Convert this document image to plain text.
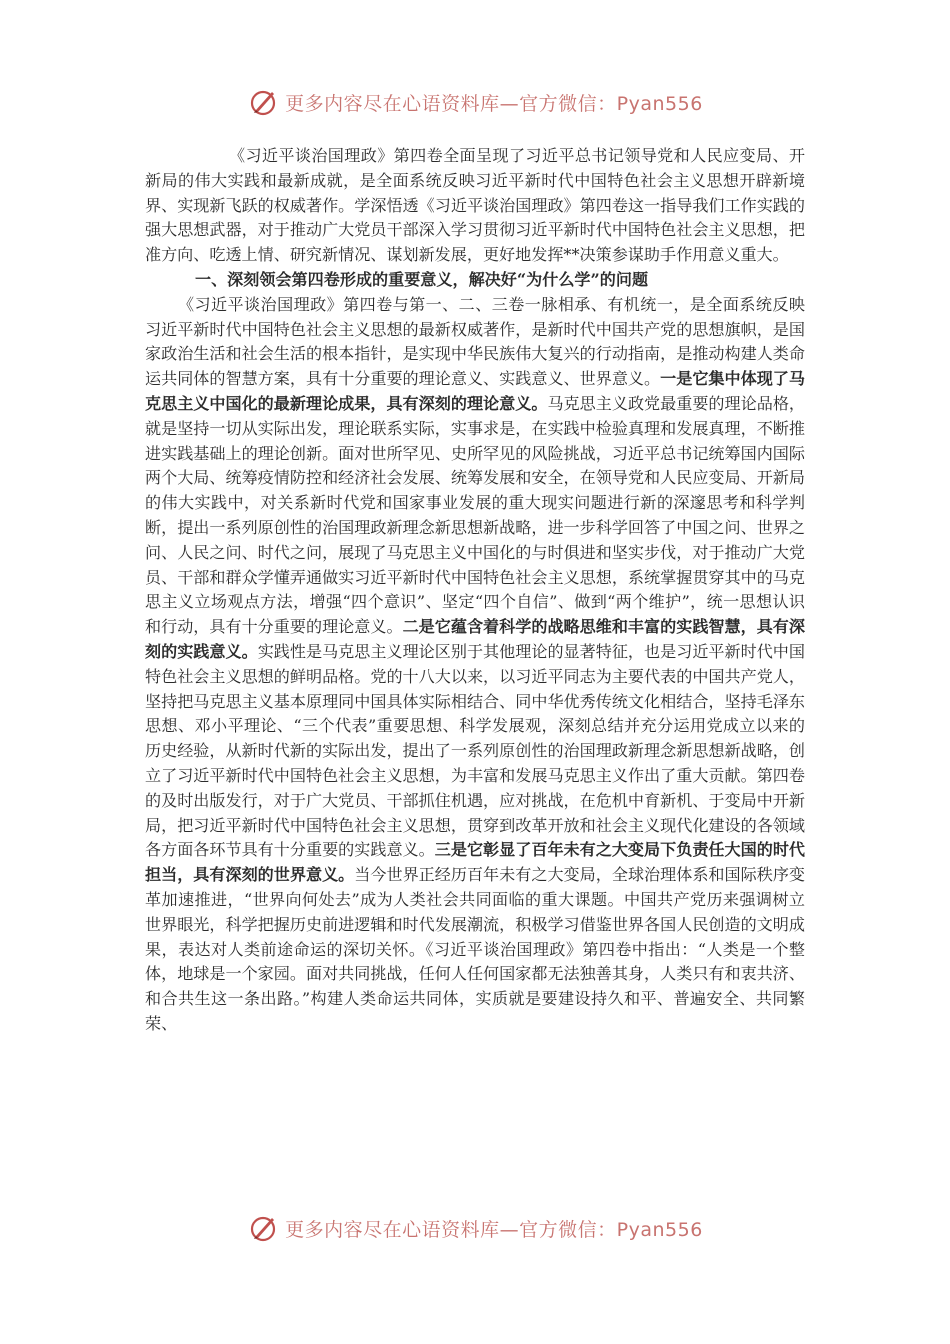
更多内容尽在心语资料库—官方微信：Pyan556

《习近平谈治国理政》第四卷全面呈现了习近平总书记领导党和人民应变局、开新局的伟大实践和最新成就，是全面系统反映习近平新时代中国特色社会主义思想开辟新境界、实现新飞跃的权威著作。学深悟透《习近平谈治国理政》第四卷这一指导我们工作实践的强大思想武器，对于推动广大党员干部深入学习贯彻习近平新时代中国特色社会主义思想，把准方向、吃透上情、研究新情况、谋划新发展，更好地发挥**决策参谋助手作用意义重大。

一、深刻领会第四卷形成的重要意义，解决好“为什么学”的问题

《习近平谈治国理政》第四卷与第一、二、三卷一脉相承、有机统一，是全面系统反映习近平新时代中国特色社会主义思想的最新权威著作，是新时代中国共产党的思想旗帜，是国家政治生活和社会生活的根本指针，是实现中华民族伟大复兴的行动指南，是推动构建人类命运共同体的智慧方案，具有十分重要的理论意义、实践意义、世界意义。一是它集中体现了马克思主义中国化的最新理论成果，具有深刻的理论意义。马克思主义政党最重要的理论品格，就是坚持一切从实际出发，理论联系实际，实事求是，在实践中检验真理和发展真理，不断推进实践基础上的理论创新。面对世所罕见、史所罕见的风险挑战，习近平总书记统筹国内国际两个大局、统筹疫情防控和经济社会发展、统筹发展和安全，在领导党和人民应变局、开新局的伟大实践中，对关系新时代党和国家事业发展的重大现实问题进行新的深邃思考和科学判断，提出一系列原创性的治国理政新理念新思想新战略，进一步科学回答了中国之问、世界之问、人民之问、时代之问，展现了马克思主义中国化的与时俱进和坚实步伐，对于推动广大党员、干部和群众学懂弄通做实习近平新时代中国特色社会主义思想，系统掌握贯穿其中的马克思主义立场观点方法，增强“四个意识”、坚定“四个自信”、做到“两个维护”，统一思想认识和行动，具有十分重要的理论意义。二是它蕴含着科学的战略思维和丰富的实践智慧，具有深刻的实践意义。实践性是马克思主义理论区别于其他理论的显著特征，也是习近平新时代中国特色社会主义思想的鲜明品格。党的十八大以来，以习近平同志为主要代表的中国共产党人，坚持把马克思主义基本原理同中国具体实际相结合、同中华优秀传统文化相结合，坚持毛泽东思想、邓小平理论、“三个代表”重要思想、科学发展观，深刻总结并充分运用党成立以来的历史经验，从新时代新的实际出发，提出了一系列原创性的治国理政新理念新思想新战略，创立了习近平新时代中国特色社会主义思想，为丰富和发展马克思主义作出了重大贡献。第四卷的及时出版发行，对于广大党员、干部抓住机遇，应对挑战，在危机中育新机、于变局中开新局，把习近平新时代中国特色社会主义思想，贯穿到改革开放和社会主义现代化建设的各领域各方面各环节具有十分重要的实践意义。三是它彰显了百年未有之大变局下负责任大国的时代担当，具有深刻的世界意义。当今世界正经历百年未有之大变局，全球治理体系和国际秩序变革加速推进，“世界向何处去”成为人类社会共同面临的重大课题。中国共产党历来强调树立世界眼光，科学把握历史前进逻辑和时代发展潮流，积极学习借鉴世界各国人民创造的文明成果，表达对人类前途命运的深切关怀。《习近平谈治国理政》第四卷中指出：“人类是一个整体，地球是一个家园。面对共同挑战，任何人任何国家都无法独善其身，人类只有和衷共济、和合共生这一条出路。”构建人类命运共同体，实质就是要建设持久和平、普遍安全、共同繁荣、

更多内容尽在心语资料库—官方微信：Pyan556
